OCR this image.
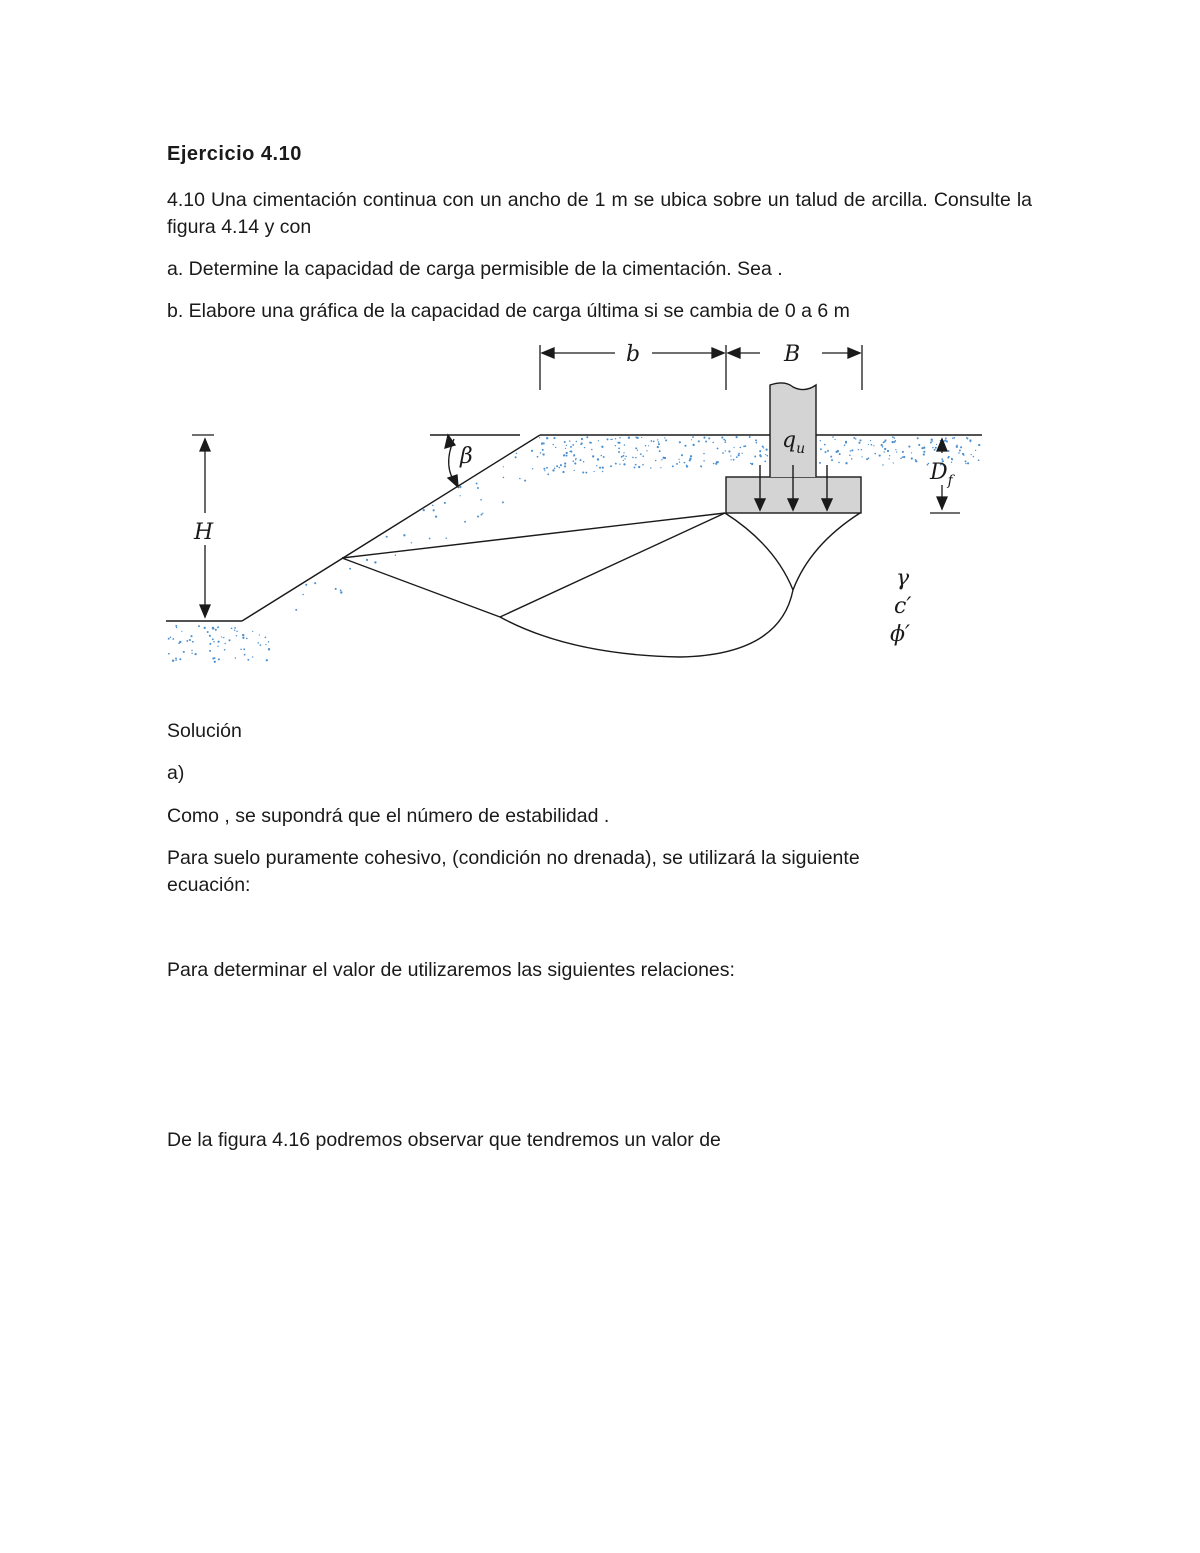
Ejercicio 4.10
4.10 Una cimentación continua con un ancho de 1 m se ubica sobre un talud de arcilla. Consulte la figura 4.14 y con
a. Determine la capacidad de carga permisible de la cimentación. Sea .
b. Elabore una gráfica de la capacidad de carga última si se cambia de 0 a 6 m
b	B
β
H
$q_u$
$D_f$
γ
c′
ϕ′
Solución
a)
Como , se supondrá que el número de estabilidad .
Para suelo puramente cohesivo, (condición no drenada), se utilizará la siguiente
ecuación:
Para determinar el valor de utilizaremos las siguientes relaciones:
De la figura 4.16 podremos observar que tendremos un valor de
